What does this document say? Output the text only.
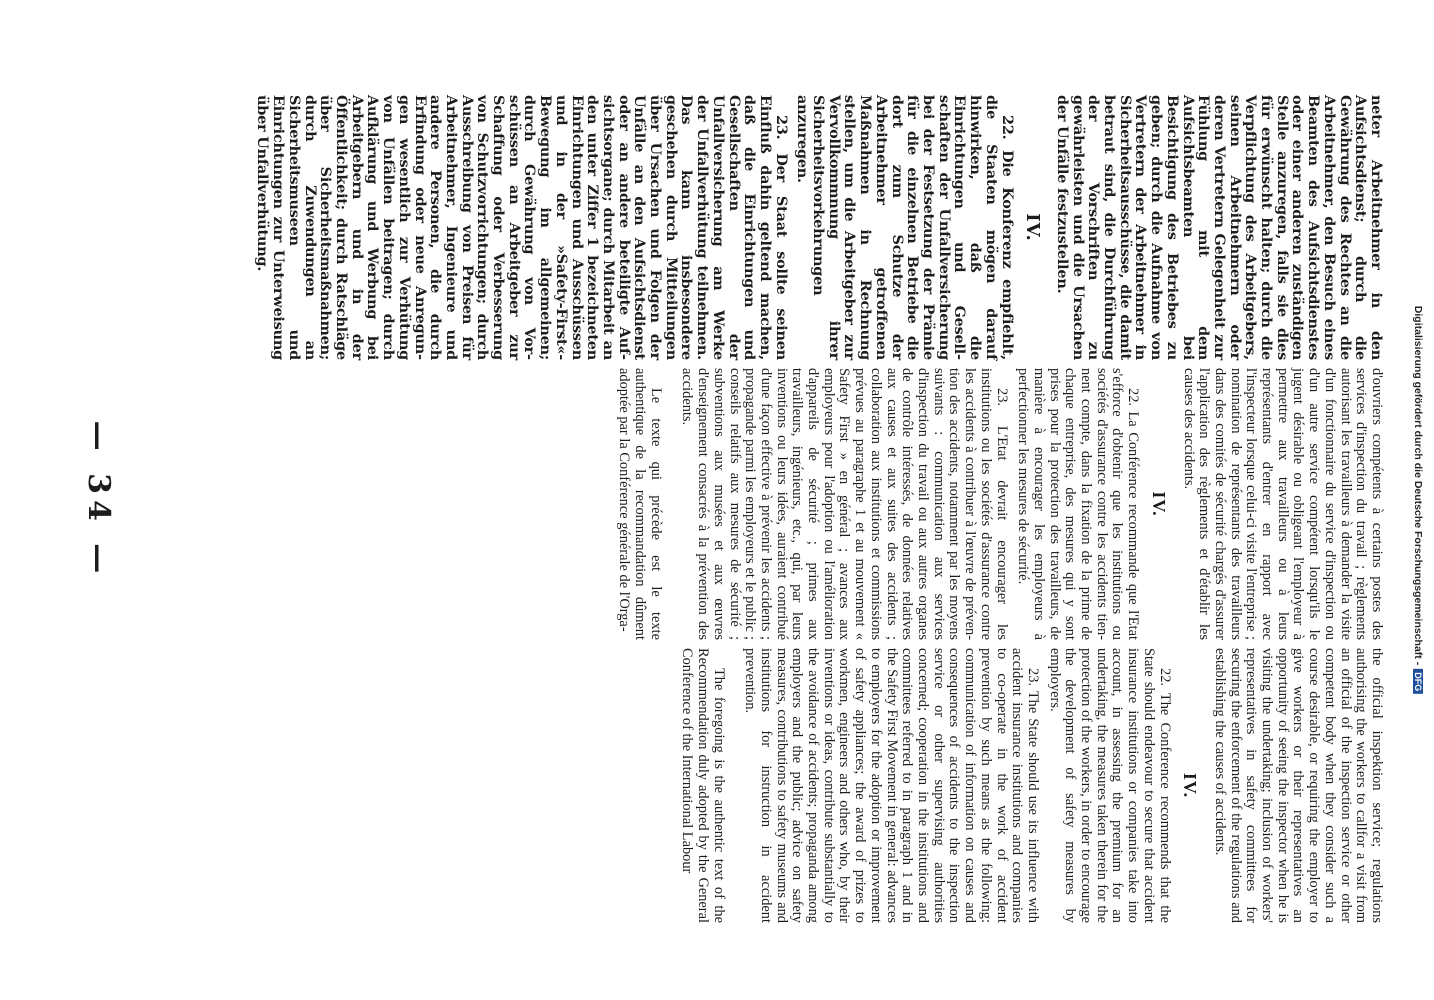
— 34 —

neter Arbeitnehmer in den Aufsichtsdienst; durch die Gewährung des Rechtes an die Arbeitnehmer, den Besuch eines Beamten des Aufsichtsdienstes oder einer anderen zuständigen Stelle anzuregen, falls sie dies für erwünscht halten; durch die Verpflichtung des Arbeitgebers, seinen Arbeitnehmern oder deren Vertretern Gelegenheit zur Fühlung mit dem Aufsichtsbeamten bei Besichtigung des Betriebes zu geben; durch die Aufnahme von Vertretern der Arbeitnehmer in Sicherheitsausschüsse, die damit betraut sind, die Durchführung der Vorschriften zu gewährleisten und die Ursachen der Unfälle festzustellen.

IV.

22. Die Konferenz empfiehlt, die Staaten mögen darauf hinwirken, daß die Einrichtungen und Gesellschaften der Unfallversicherung bei der Festsetzung der Prämie für die einzelnen Betriebe die dort zum Schutze der Arbeitnehmer getroffenen Maßnahmen in Rechnung stellen, um die Arbeitgeber zur Vervollkommnung ihrer Sicherheitsvorkehrungen anzuregen.

23. Der Staat sollte seinen Einfluß dahin geltend machen, daß die Einrichtungen und Gesellschaften der Unfallversicherung am Werke der Unfallverhütung teilnehmen. Das kann insbesondere geschehen durch Mitteilungen über Ursachen und Folgen der Unfälle an den Aufsichtsdienst oder an andere beteiligte Aufsichtsorgane; durch Mitarbeit an den unter Ziffer 1 bezeichneten Einrichtungen und Ausschüssen und in der »Safety-First«-Bewegung im allgemeinen; durch Gewährung von Vorschüssen an Arbeitgeber zur Schaffung oder Verbesserung von Schutzvorrichtungen; durch Ausschreibung von Preisen für Arbeitnehmer, Ingenieure und andere Personen, die durch Erfindung oder neue Anregungen wesentlich zur Verhütung von Unfällen beitragen; durch Aufklärung und Werbung bei Arbeitgebern und in der Öffentlichkeit; durch Ratschläge über Sicherheitsmaßnahmen; durch Zuwendungen an Sicherheitsmuseen und Einrichtungen zur Unterweisung über Unfallverhütung.

d'ouvriers compétents à certains postes des services d'inspection du travail ; règlements autorisant les travailleurs à demander la visite d'un fonctionnaire du service d'inspection ou d'un autre service compétent lorsqu'ils le jugent désirable ou obligeant l'employeur à permettre aux travailleurs ou à leurs représentants d'entrer en rapport avec l'inspecteur lorsque celui-ci visite l'entreprise ; nomination de représentants des travailleurs dans des comités de sécurité chargés d'assurer l'application des règlements et d'établir les causes des accidents.

IV.

22. La Conférence recommande que l'Etat s'efforce d'obtenir que les institutions ou sociétés d'assurance contre les accidents tiennent compte, dans la fixation de la prime de chaque entreprise, des mesures qui y sont prises pour la protection des travailleurs, de manière à encourager les employeurs à perfectionner les mesures de sécurité.

23. L'Etat devrait encourager les institutions ou les sociétés d'assurance contre les accidents à contribuer à l'œuvre de prévention des accidents, notamment par les moyens suivants : communication aux services d'inspection du travail ou aux autres organes de contrôle intéressés, de données relatives aux causes et aux suites des accidents ; collaboration aux institutions et commissions prévues au paragraphe 1 et au mouvement « Safety First » en général ; avances aux employeurs pour l'adoption ou l'amélioration d'appareils de sécurité ; primes aux travailleurs, ingénieurs, etc., qui, par leurs inventions ou leurs idées, auraient contribué d'une façon effective à prévenir les accidents ; propagande parmi les employeurs et le public ; conseils relatifs aux mesures de sécurité ; subventions aux musées et aux œuvres d'enseignement consacrés à la prévention des accidents.

Le texte qui précède est le texte authentique de la recommandation dûment adoptée par la Conférence générale de l'Orga-

the official inspektion service; regulations authorising the workers to callfor a visit from an official of the inspection service or other competent body when they consider such a course desirable, or requiring the employer to give workers or their representatives an opportunity of seeing the inspector when he is visiting the undertaking; inclusion of workers' representatives in safety committees for securing the enforcement of the regulations and establishing the causes of accidents.

IV.

22. The Conference recommends that the State should endeavour to secure that accident insurance institutions or companies take into account, in assessing the premium for an undertaking, the measures taken therein for the protection of the workers, in order to encourage the development of safety measures by employers.

23. The State should use its influence with accident insurance institutions and companies to co-operate in the work of accident prevention by such means as the following: communication of information on causes and consequences of accidents to the inspection service or other supervising authorities concerned; cooperation in the institutions and committees referred to in paragraph 1 and in the Safety First Movement in general: advances to employers for the adoption or improvement of safety appliances; the award of prizes to workmen, engineers and others who, by their inventions or ideas, contribute substantially to the avoidance of accidents; propaganda among employers and the public; advice on safety measures, contributions to safety museums and institutions for instruction in accident prevention.

The foregoing is the authentic text of the Recommendation duly adopted by the General Conference of the International Labour

Digitalisierung gefördert durch die Deutsche Forschungsgemeinschaft -DFG
